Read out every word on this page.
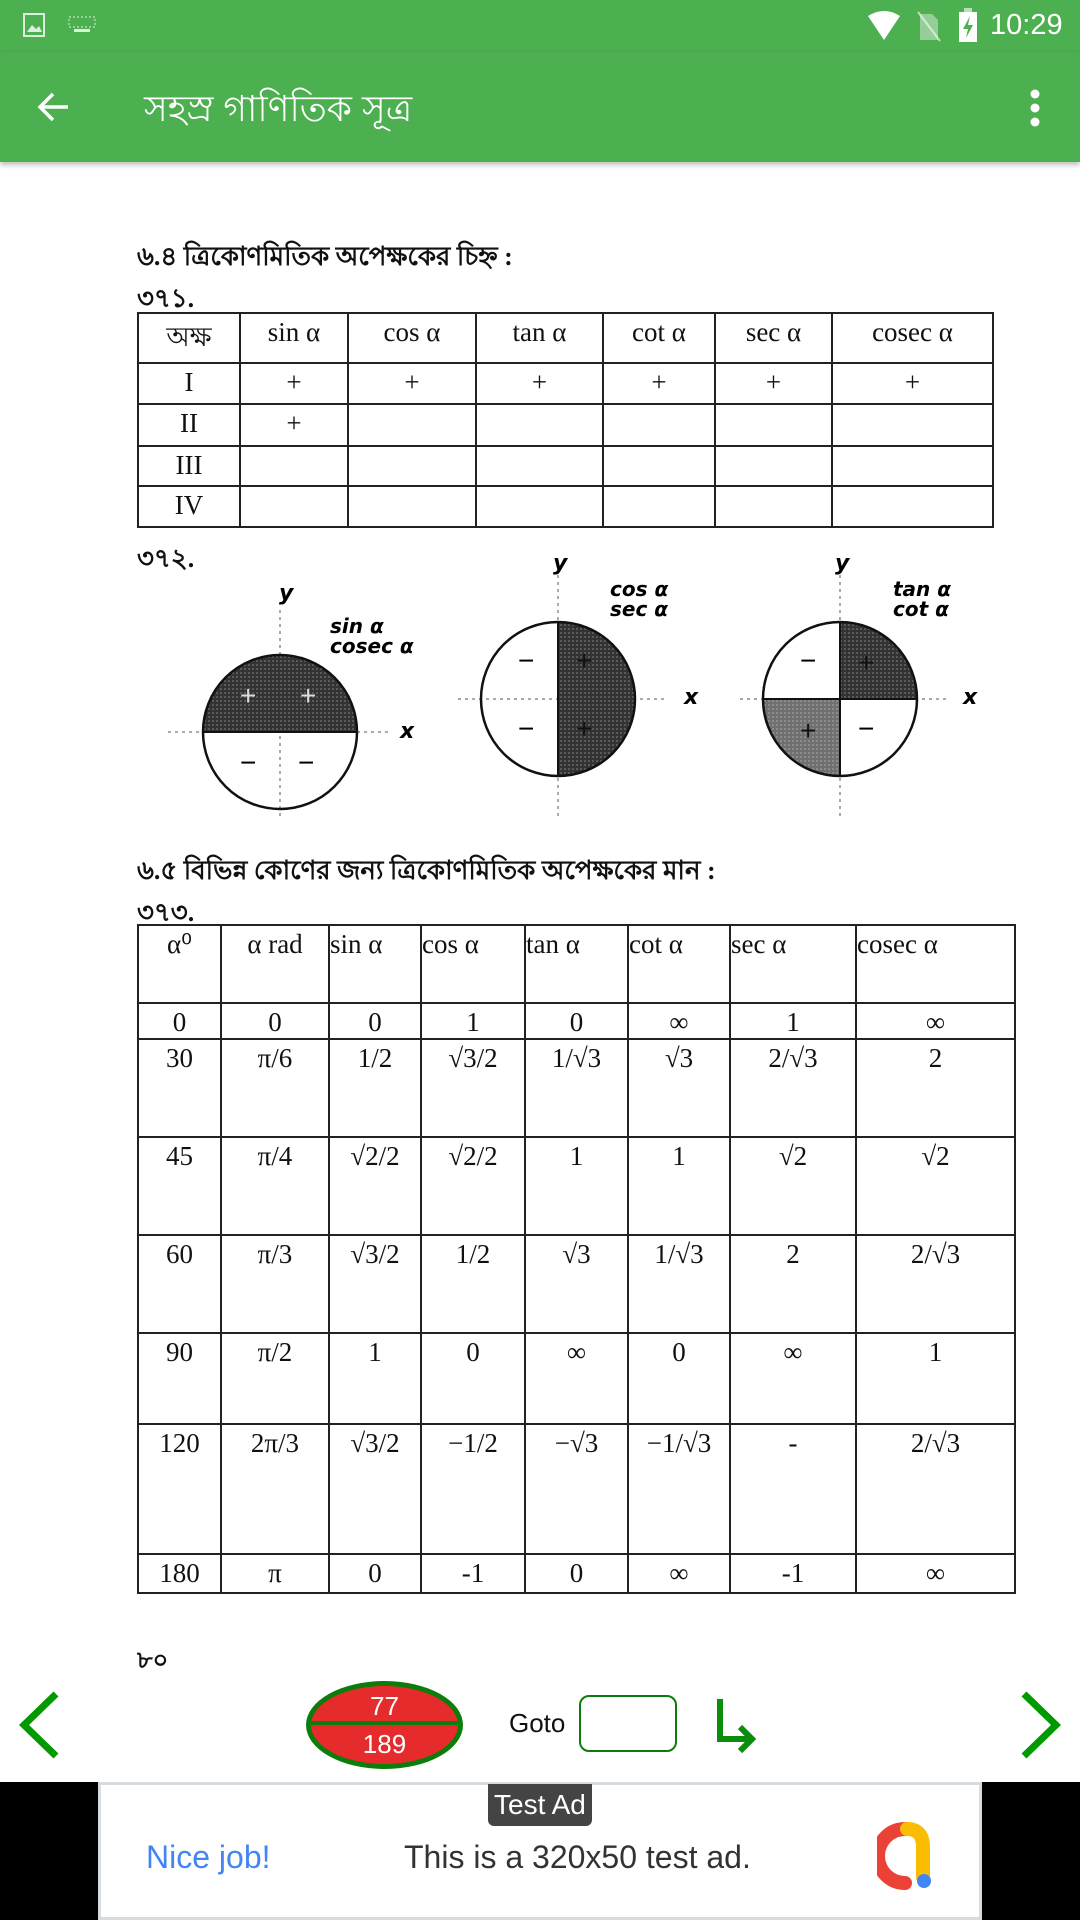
10:29
সহস্র গাণিতিক সূত্র
৬.৪ ত্রিকোণমিতিক অপেক্ষকের চিহ্ন :
৩৭১.
অক্ষ	sin α	cos α	tan α	cot α	sec α	cosec α
I	+	+	+	+	+	+
II	+					
III						
IV						
৩৭২.
y
x
sin α
cosec α
+ +
− −
y
x
cos α
sec α
− +
− +
y
x
tan α
cot α
− +
+ −
৬.৫ বিভিন্ন কোণের জন্য ত্রিকোণমিতিক অপেক্ষকের মান :
৩৭৩.
α⁰	α rad	sin α	cos α	tan α	cot α	sec α	cosec α
0	0	0	1	0	∞	1	∞
30	π/6	1/2	√3/2	1/√3	√3	2/√3	2
45	π/4	√2/2	√2/2	1	1	√2	√2
60	π/3	√3/2	1/2	√3	1/√3	2	2/√3
90	π/2	1	0	∞	0	∞	1
120	2π/3	√3/2	−1/2	−√3	−1/√3	-	2/√3
180	π	0	-1	0	∞	-1	∞
৮০
77
189
Goto
Test Ad
Nice job!	This is a 320x50 test ad.
